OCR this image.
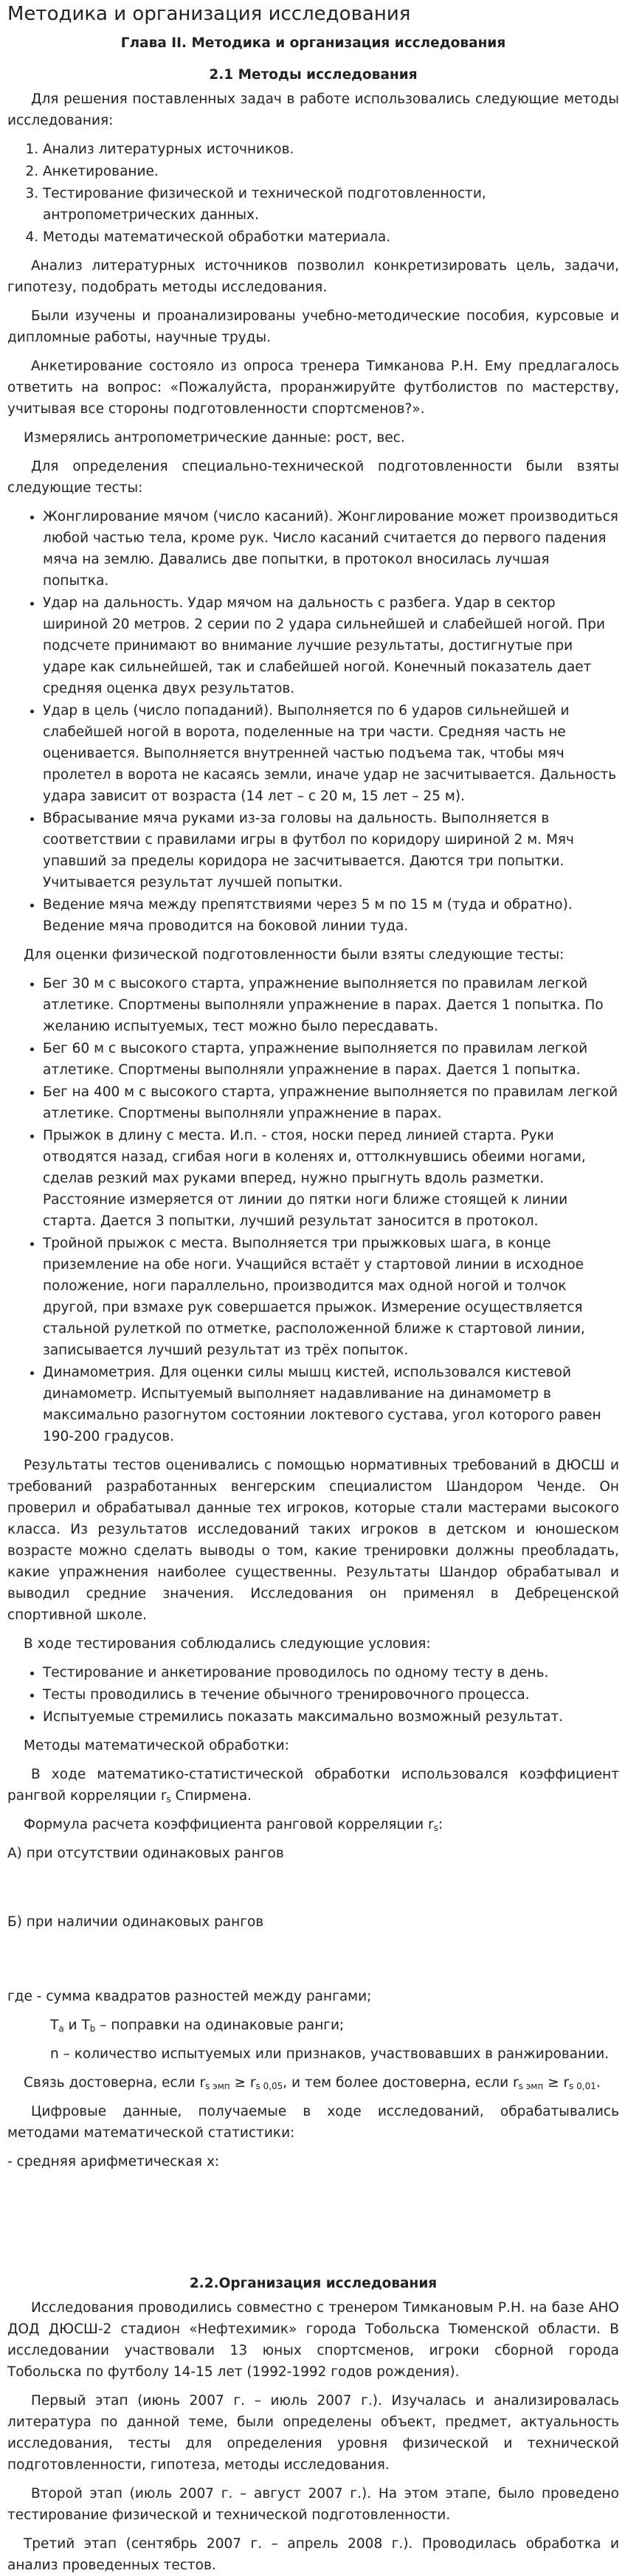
Методика и организация исследования
Глава II. Методика и организация исследования
2.1 Методы исследования

Для решения поставленных задач в работе использовались следующие методы исследования:

1. Анализ литературных источников.
2. Анкетирование.
3. Тестирование физической и технической подготовленности, антропометрических данных.
4. Методы математической обработки материала.

Анализ литературных источников позволил конкретизировать цель, задачи, гипотезу, подобрать методы исследования.

Были изучены и проанализированы учебно-методические пособия, курсовые и дипломные работы, научные труды.

Анкетирование состояло из опроса тренера Тимканова Р.Н. Ему предлагалось ответить на вопрос: «Пожалуйста, проранжируйте футболистов по мастерству, учитывая все стороны подготовленности спортсменов?».

Измерялись антропометрические данные: рост, вес.

Для определения специально-технической подготовленности были взяты следующие тесты:

• Жонглирование мячом (число касаний). Жонглирование может производиться любой частью тела, кроме рук. Число касаний считается до первого падения мяча на землю. Давались две попытки, в протокол вносилась лучшая попытка.
• Удар на дальность. Удар мячом на дальность с разбега. Удар в сектор шириной 20 метров. 2 серии по 2 удара сильнейшей и слабейшей ногой. При подсчете принимают во внимание лучшие результаты, достигнутые при ударе как сильнейшей, так и слабейшей ногой. Конечный показатель дает средняя оценка двух результатов.
• Удар в цель (число попаданий). Выполняется по 6 ударов сильнейшей и слабейшей ногой в ворота, поделенные на три части. Средняя часть не оценивается. Выполняется внутренней частью подъема так, чтобы мяч пролетел в ворота не касаясь земли, иначе удар не засчитывается. Дальность удара зависит от возраста (14 лет – с 20 м, 15 лет – 25 м).
• Вбрасывание мяча руками из-за головы на дальность. Выполняется в соответствии с правилами игры в футбол по коридору шириной 2 м. Мяч упавший за пределы коридора не засчитывается. Даются три попытки. Учитывается результат лучшей попытки.
• Ведение мяча между препятствиями через 5 м по 15 м (туда и обратно). Ведение мяча проводится на боковой линии туда.

Для оценки физической подготовленности были взяты следующие тесты:

• Бег 30 м с высокого старта, упражнение выполняется по правилам легкой атлетике. Спортмены выполняли упражнение в парах. Дается 1 попытка. По желанию испытуемых, тест можно было пересдавать.
• Бег 60 м с высокого старта, упражнение выполняется по правилам легкой атлетике. Спортмены выполняли упражнение в парах. Дается 1 попытка.
• Бег на 400 м с высокого старта, упражнение выполняется по правилам легкой атлетике. Спортмены выполняли упражнение в парах.
• Прыжок в длину с места. И.п. - стоя, носки перед линией старта. Руки отводятся назад, сгибая ноги в коленях и, оттолкнувшись обеими ногами, сделав резкий мах руками вперед, нужно прыгнуть вдоль разметки. Расстояние измеряется от линии до пятки ноги ближе стоящей к линии старта. Дается 3 попытки, лучший результат заносится в протокол.
• Тройной прыжок с места. Выполняется три прыжковых шага, в конце приземление на обе ноги. Учащийся встаёт у стартовой линии в исходное положение, ноги параллельно, производится мах одной ногой и толчок другой, при взмахе рук совершается прыжок. Измерение осуществляется стальной рулеткой по отметке, расположенной ближе к стартовой линии, записывается лучший результат из трёх попыток.
• Динамометрия. Для оценки силы мышц кистей, использовался кистевой динамометр. Испытуемый выполняет надавливание на динамометр в максимально разогнутом состоянии локтевого сустава, угол которого равен 190-200 градусов.

Результаты тестов оценивались с помощью нормативных требований в ДЮСШ и требований разработанных венгерским специалистом Шандором Ченде. Он проверил и обрабатывал данные тех игроков, которые стали мастерами высокого класса. Из результатов исследований таких игроков в детском и юношеском возрасте можно сделать выводы о том, какие тренировки должны преобладать, какие упражнения наиболее существенны. Результаты Шандор обрабатывал и выводил средние значения. Исследования он применял в Дебреценской спортивной школе.

В ходе тестирования соблюдались следующие условия:

• Тестирование и анкетирование проводилось по одному тесту в день.
• Тесты проводились в течение обычного тренировочного процесса.
• Испытуемые стремились показать максимально возможный результат.

Методы математической обработки:

В ходе математико-статистической обработки использовался коэффициент рангвой корреляции $r_s$ Спирмена.

Формула расчета коэффициента ранговой корреляции $r_s$:

А) при отсутствии одинаковых рангов

Б) при наличии одинаковых рангов

где - сумма квадратов разностей между рангами;

$T_a$ и $T_b$ – поправки на одинаковые ранги;

n – количество испытуемых или признаков, участвовавших в ранжировании.

Связь достоверна, если $r_{s эмп} \ge r_{s 0,05}$, и тем более достоверна, если $r_{s эмп} \ge r_{s 0,01}$.

Цифровые данные, получаемые в ходе исследований, обрабатывались методами математической статистики:

- средняя арифметическая x:

2.2.Организация исследования

Исследования проводились совместно с тренером Тимкановым Р.Н. на базе АНО ДОД ДЮСШ-2 стадион «Нефтехимик» города Тобольска Тюменской области. В исследовании участвовали 13 юных спортсменов, игроки сборной города Тобольска по футболу 14-15 лет (1992-1992 годов рождения).

Первый этап (июнь 2007 г. – июль 2007 г.). Изучалась и анализировалась литература по данной теме, были определены объект, предмет, актуальность исследования, тесты для определения уровня физической и технической подготовленности, гипотеза, методы исследования.

Второй этап (июль 2007 г. – август 2007 г.). На этом этапе, было проведено тестирование физической и технической подготовленности.

Третий этап (сентябрь 2007 г. – апрель 2008 г.). Проводилась обработка и анализ проведенных тестов.
